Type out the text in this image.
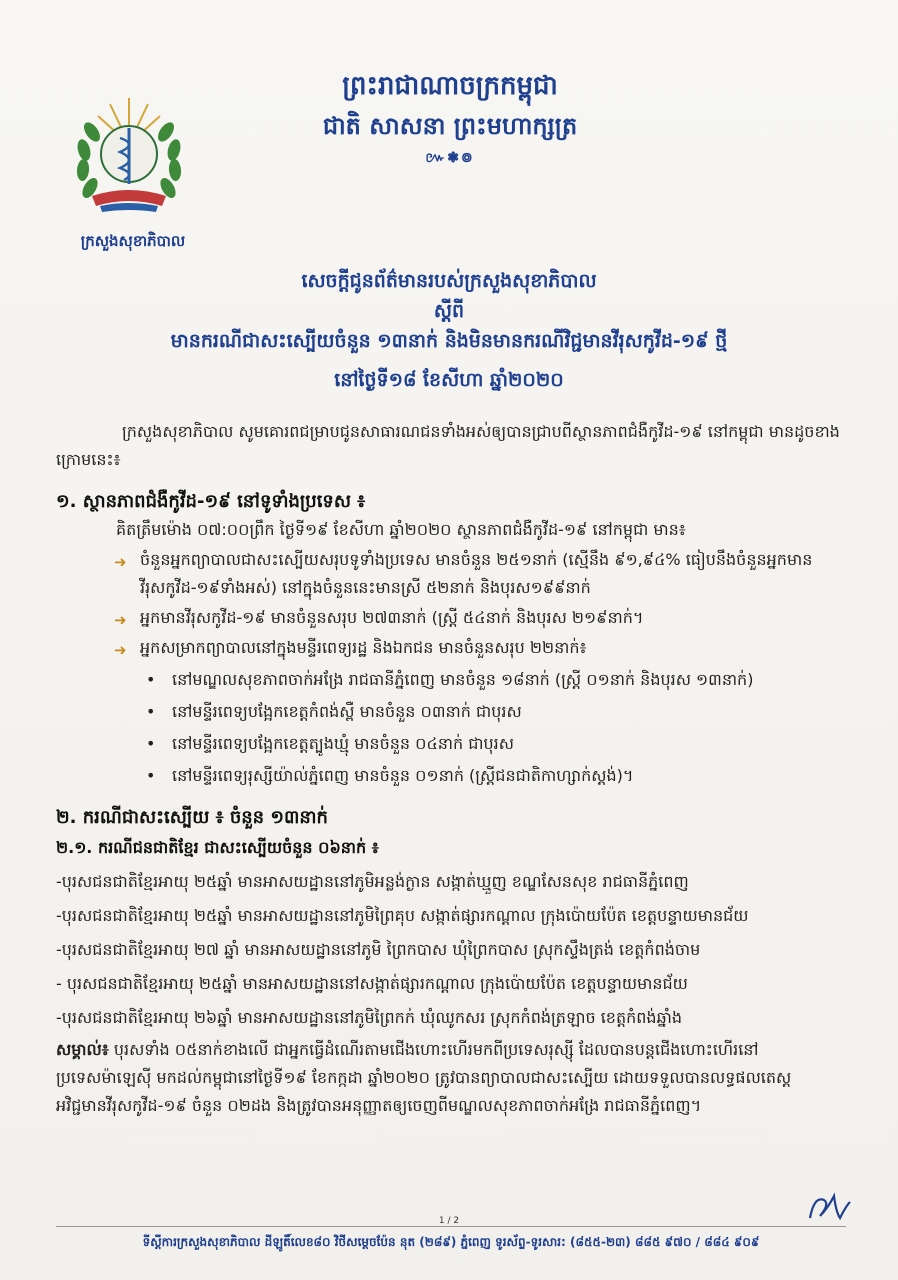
ក្រសួងសុខាភិបាល
ព្រះរាជាណាចក្រកម្ពុជា
ជាតិ សាសនា ព្រះមហាក្សត្រ
៚❃៙
សេចក្តីជូនព័ត៌មានរបស់ក្រសួងសុខាភិបាល
ស្តីពី
មានករណីជាសះស្បើយចំនួន ១៣នាក់ និងមិនមានករណីវិជ្ជមានវីរុសកូវីដ-១៩ ថ្មី
នៅថ្ងៃទី១៨ ខែសីហា ឆ្នាំ២០២០

ក្រសួងសុខាភិបាល សូមគោរពជម្រាបជូនសាធារណជនទាំងអស់ឲ្យបានជ្រាបពីស្ថានភាពជំងឺកូវីដ-១៩ នៅកម្ពុជា មានដូចខាងក្រោមនេះ៖

១. ស្ថានភាពជំងឺកូវីដ-១៩ នៅទូទាំងប្រទេស ៖

គិតត្រឹមម៉ោង ០៧:០០ព្រឹក ថ្ងៃទី១៩ ខែសីហា ឆ្នាំ២០២០ ស្ថានភាពជំងឺកូវីដ-១៩ នៅកម្ពុជា មាន៖

➜ ចំនួនអ្នកព្យាបាលជាសះស្បើយសរុបទូទាំងប្រទេស មានចំនួន ២៥១នាក់ (ស្មើនឹង ៩១,៩៤% ធៀបនឹងចំនួនអ្នកមានវីរុសកូវីដ-១៩ទាំងអស់) នៅក្នុងចំនួននេះមានស្រី ៥២នាក់ និងបុរស១៩៩នាក់
➜ អ្នកមានវីរុសកូវីដ-១៩ មានចំនួនសរុប ២៧៣នាក់ (ស្ត្រី ៥៤នាក់ និងបុរស ២១៩នាក់។
➜ អ្នកសម្រាកព្យាបាលនៅក្នុងមន្ទីរពេទ្យរដ្ឋ និងឯកជន មានចំនួនសរុប ២២នាក់៖
• នៅមណ្ឌលសុខភាពចាក់អង្រែ រាជធានីភ្នំពេញ មានចំនួន ១៨នាក់ (ស្ត្រី ០១នាក់ និងបុរស ១៣នាក់)
• នៅមន្ទីរពេទ្យបង្អែកខេត្តកំពង់ស្ពឺ មានចំនួន ០៣នាក់ ជាបុរស
• នៅមន្ទីរពេទ្យបង្អែកខេត្តត្បូងឃ្មុំ មានចំនួន ០៤នាក់ ជាបុរស
• នៅមន្ទីរពេទ្យរុស្សីយ៉ាល់ភ្នំពេញ មានចំនួន ០១នាក់ (ស្ត្រីជនជាតិកាហ្សាក់ស្តង់)។
២. ករណីជាសះស្បើយ ៖ ចំនួន ១៣នាក់
២.១. ករណីជនជាតិខ្មែរ ជាសះស្បើយចំនួន ០៦នាក់ ៖
-បុរសជនជាតិខ្មែរអាយុ ២៥ឆ្នាំ មានអាសយដ្ឋាននៅភូមិអន្លង់ក្ងាន សង្កាត់ឃ្មួញ ខណ្ឌសែនសុខ រាជធានីភ្នំពេញ
-បុរសជនជាតិខ្មែរអាយុ ២៥ឆ្នាំ មានអាសយដ្ឋាននៅភូមិព្រៃគុប សង្កាត់ផ្សារកណ្តាល ក្រុងប៉ោយប៉ែត ខេត្តបន្ទាយមានជ័យ
-បុរសជនជាតិខ្មែរអាយុ ២៧ ឆ្នាំ មានអាសយដ្ឋាននៅភូមិ ព្រៃកបាស ឃុំព្រៃកបាស ស្រុកស្ទឹងត្រង់ ខេត្តកំពង់ចាម
- បុរសជនជាតិខ្មែរអាយុ ២៥ឆ្នាំ មានអាសយដ្ឋាននៅសង្កាត់ផ្សារកណ្តាល ក្រុងប៉ោយប៉ែត ខេត្តបន្ទាយមានជ័យ
-បុរសជនជាតិខ្មែរអាយុ ២៦ឆ្នាំ មានអាសយដ្ឋាននៅភូមិព្រៃកក់ ឃុំឈូកសរ ស្រុកកំពង់ត្រឡាច ខេត្តកំពង់ឆ្នាំង
សម្គាល់៖ បុរសទាំង ០៥នាក់ខាងលើ ជាអ្នកធ្វើដំណើរតាមជើងហោះហើរមកពីប្រទេសរុស្ស៊ី ដែលបានបន្តជើងហោះហើរនៅប្រទេសម៉ាឡេស៊ី មកដល់កម្ពុជានៅថ្ងៃទី១៩ ខែកក្កដា ឆ្នាំ២០២០ ត្រូវបានព្យាបាលជាសះស្បើយ ដោយទទួលបានលទ្ធផលតេស្ត អវិជ្ជមានវីរុសកូវីដ-១៩ ចំនួន ០២ដង និងត្រូវបានអនុញ្ញាតឲ្យចេញពីមណ្ឌលសុខភាពចាក់អង្រែ រាជធានីភ្នំពេញ។
1 / 2
ទីស្តីការក្រសួងសុខាភិបាល ដីឡូតិ៍លេខ៨០ វិថីសម្តេចប៉ែន នុត (២៨៩) ភ្នំពេញ ទូរស័ព្ទ-ទូរសារ: (៨៥៥-២៣) ៨៨៥ ៩៧០ / ៨៨៤ ៩០៩
